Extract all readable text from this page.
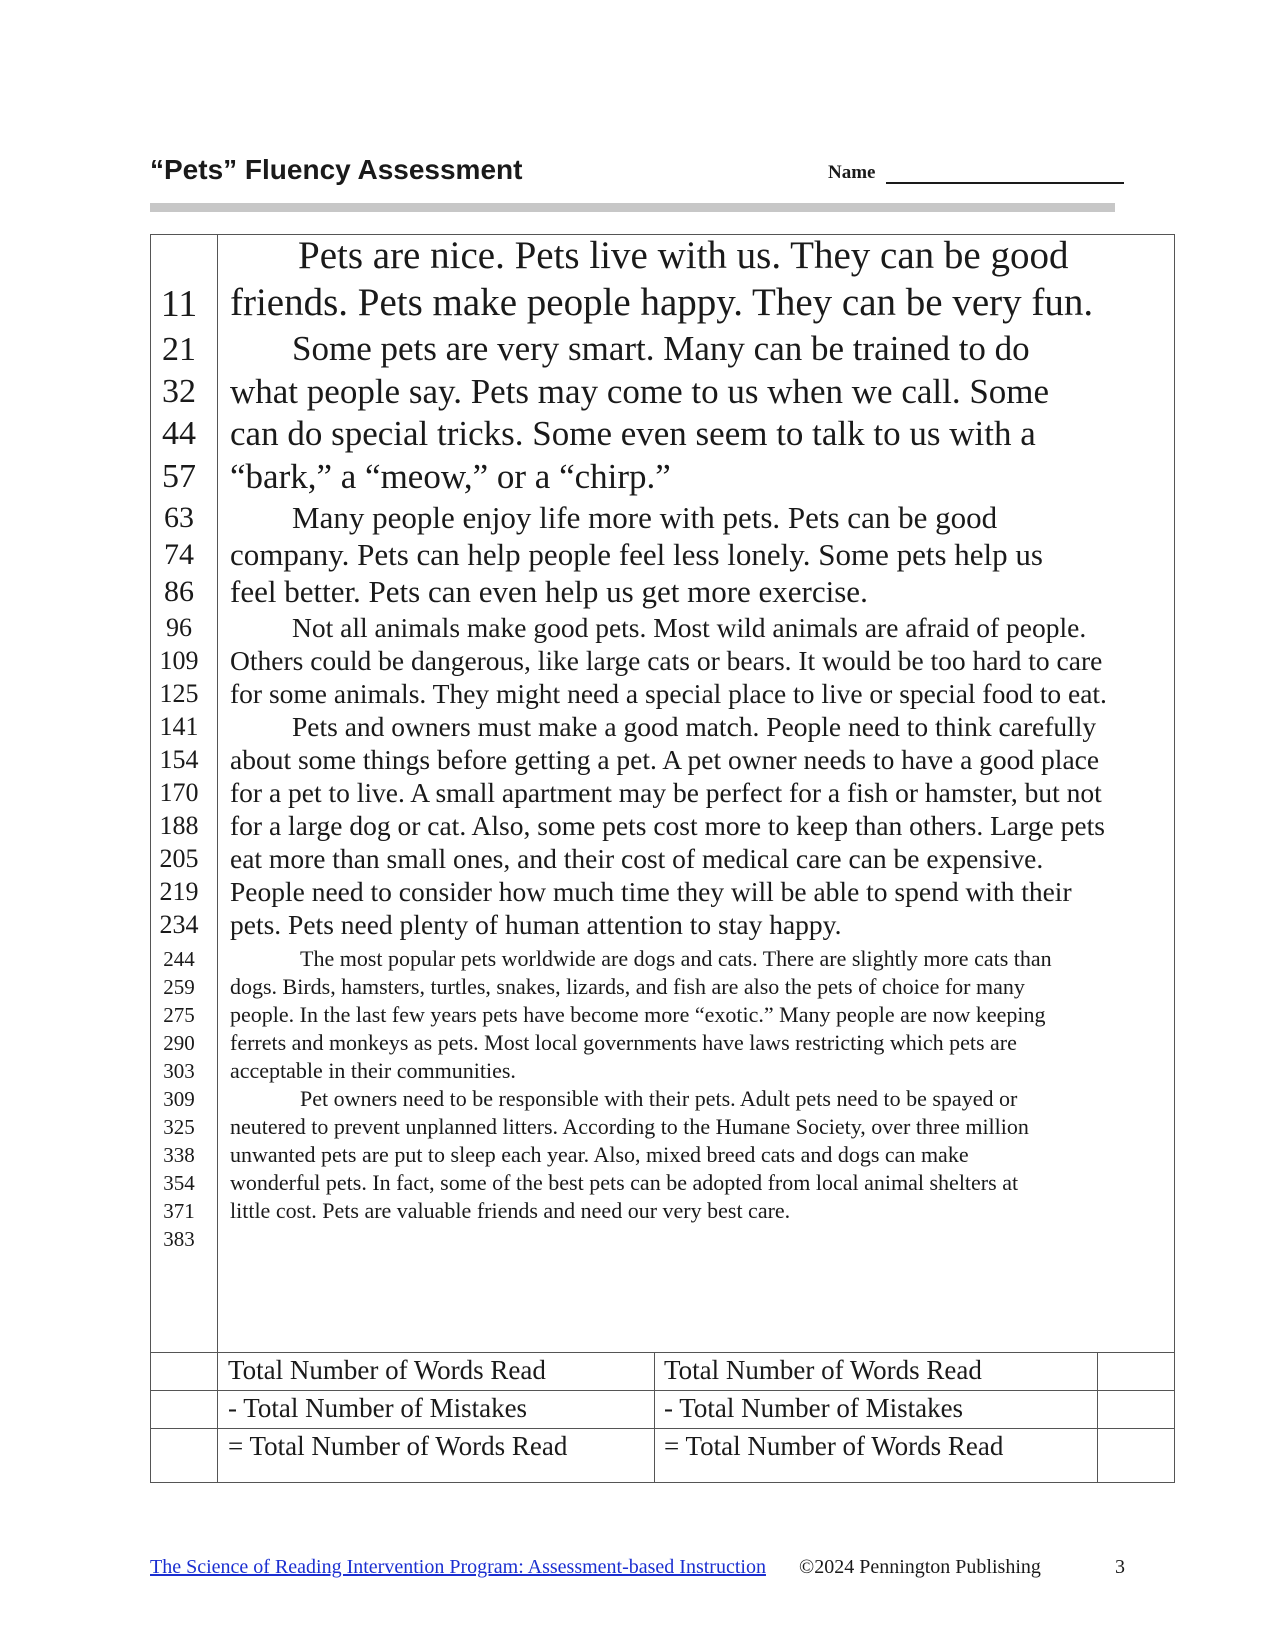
“Pets” Fluency Assessment	Name
Pets are nice. Pets live with us. They can be good
friends. Pets make people happy. They can be very fun.
Some pets are very smart. Many can be trained to do
what people say. Pets may come to us when we call. Some
can do special tricks. Some even seem to talk to us with a
“bark,” a “meow,” or a “chirp.”
Many people enjoy life more with pets. Pets can be good
company. Pets can help people feel less lonely. Some pets help us
feel better. Pets can even help us get more exercise.
Not all animals make good pets. Most wild animals are afraid of people.
Others could be dangerous, like large cats or bears. It would be too hard to care
for some animals. They might need a special place to live or special food to eat.
Pets and owners must make a good match. People need to think carefully
about some things before getting a pet. A pet owner needs to have a good place
for a pet to live. A small apartment may be perfect for a fish or hamster, but not
for a large dog or cat. Also, some pets cost more to keep than others. Large pets
eat more than small ones, and their cost of medical care can be expensive.
People need to consider how much time they will be able to spend with their
pets. Pets need plenty of human attention to stay happy.
The most popular pets worldwide are dogs and cats. There are slightly more cats than
dogs. Birds, hamsters, turtles, snakes, lizards, and fish are also the pets of choice for many
people. In the last few years pets have become more “exotic.” Many people are now keeping
ferrets and monkeys as pets. Most local governments have laws restricting which pets are
acceptable in their communities.
Pet owners need to be responsible with their pets. Adult pets need to be spayed or
neutered to prevent unplanned litters. According to the Humane Society, over three million
unwanted pets are put to sleep each year. Also, mixed breed cats and dogs can make
wonderful pets. In fact, some of the best pets can be adopted from local animal shelters at
little cost. Pets are valuable friends and need our very best care.
11
21
32
44
57
63
74
86
96
109
125
141
154
170
188
205
219
234
244
259
275
290
303
309
325
338
354
371
383
Total Number of Words Read
- Total Number of Mistakes
= Total Number of Words Read
Total Number of Words Read
- Total Number of Mistakes
= Total Number of Words Read
The Science of Reading Intervention Program: Assessment-based Instruction ©2024 Pennington Publishing	3
